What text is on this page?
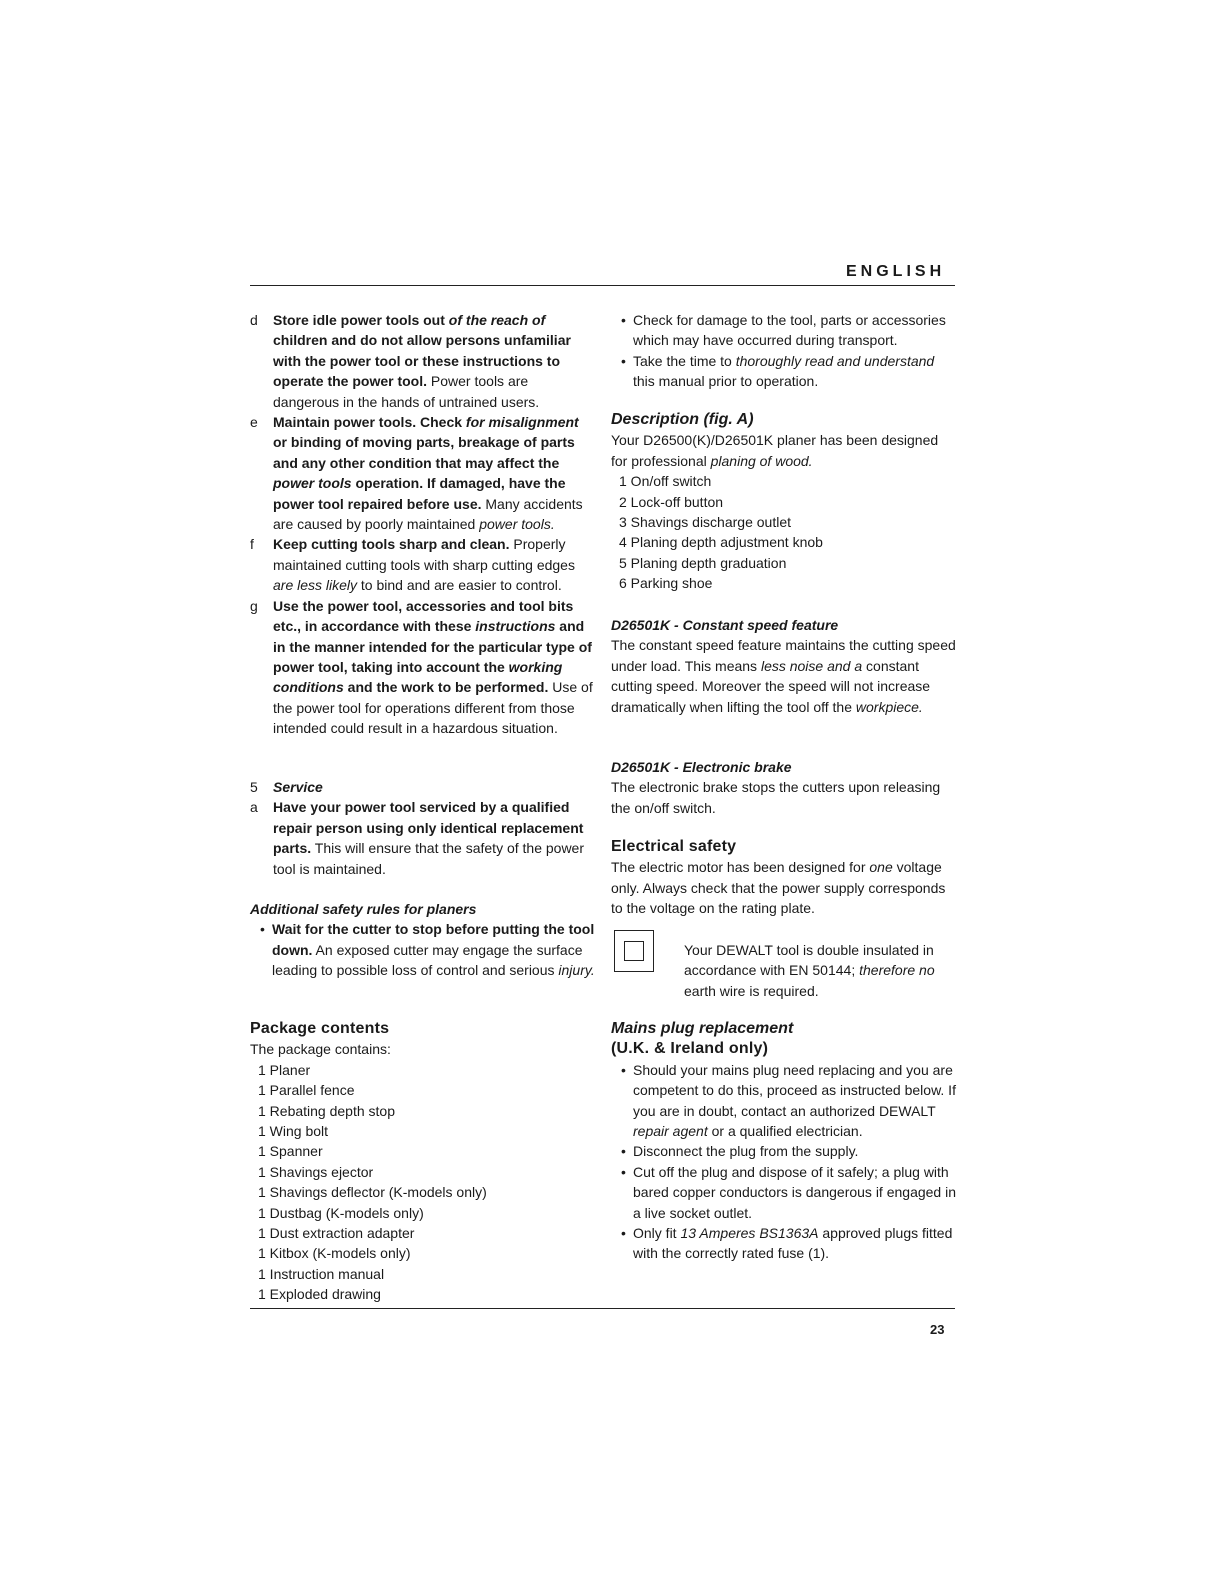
ENGLISH
d	Store idle power tools out of the reach of children and do not allow persons unfamiliar with the power tool or these instructions to operate the power tool. Power tools are dangerous in the hands of untrained users.
e	Maintain power tools. Check for misalignment or binding of moving parts, breakage of parts and any other condition that may affect the power tools operation. If damaged, have the power tool repaired before use. Many accidents are caused by poorly maintained power tools.
f	Keep cutting tools sharp and clean. Properly maintained cutting tools with sharp cutting edges are less likely to bind and are easier to control.
g	Use the power tool, accessories and tool bits etc., in accordance with these instructions and in the manner intended for the particular type of power tool, taking into account the working conditions and the work to be performed. Use of the power tool for operations different from those intended could result in a hazardous situation.
5	Service
a	Have your power tool serviced by a qualified repair person using only identical replacement parts. This will ensure that the safety of the power tool is maintained.
Additional safety rules for planers
• Wait for the cutter to stop before putting the tool down. An exposed cutter may engage the surface leading to possible loss of control and serious injury.
Package contents
The package contains:
1 Planer
1 Parallel fence
1 Rebating depth stop
1 Wing bolt
1 Spanner
1 Shavings ejector
1 Shavings deflector (K-models only)
1 Dustbag (K-models only)
1 Dust extraction adapter
1 Kitbox (K-models only)
1 Instruction manual
1 Exploded drawing
• Check for damage to the tool, parts or accessories which may have occurred during transport.
• Take the time to thoroughly read and understand this manual prior to operation.
Description (fig. A)
Your D26500(K)/D26501K planer has been designed for professional planing of wood.
1 On/off switch
2 Lock-off button
3 Shavings discharge outlet
4 Planing depth adjustment knob
5 Planing depth graduation
6 Parking shoe
D26501K - Constant speed feature
The constant speed feature maintains the cutting speed under load. This means less noise and a constant cutting speed. Moreover the speed will not increase dramatically when lifting the tool off the workpiece.
D26501K - Electronic brake
The electronic brake stops the cutters upon releasing the on/off switch.
Electrical safety
The electric motor has been designed for one voltage only. Always check that the power supply corresponds to the voltage on the rating plate.
Your DEWALT tool is double insulated in accordance with EN 50144; therefore no earth wire is required.
Mains plug replacement
(U.K. & Ireland only)
• Should your mains plug need replacing and you are competent to do this, proceed as instructed below. If you are in doubt, contact an authorized DEWALT repair agent or a qualified electrician.
• Disconnect the plug from the supply.
• Cut off the plug and dispose of it safely; a plug with bared copper conductors is dangerous if engaged in a live socket outlet.
• Only fit 13 Amperes BS1363A approved plugs fitted with the correctly rated fuse (1).
23
